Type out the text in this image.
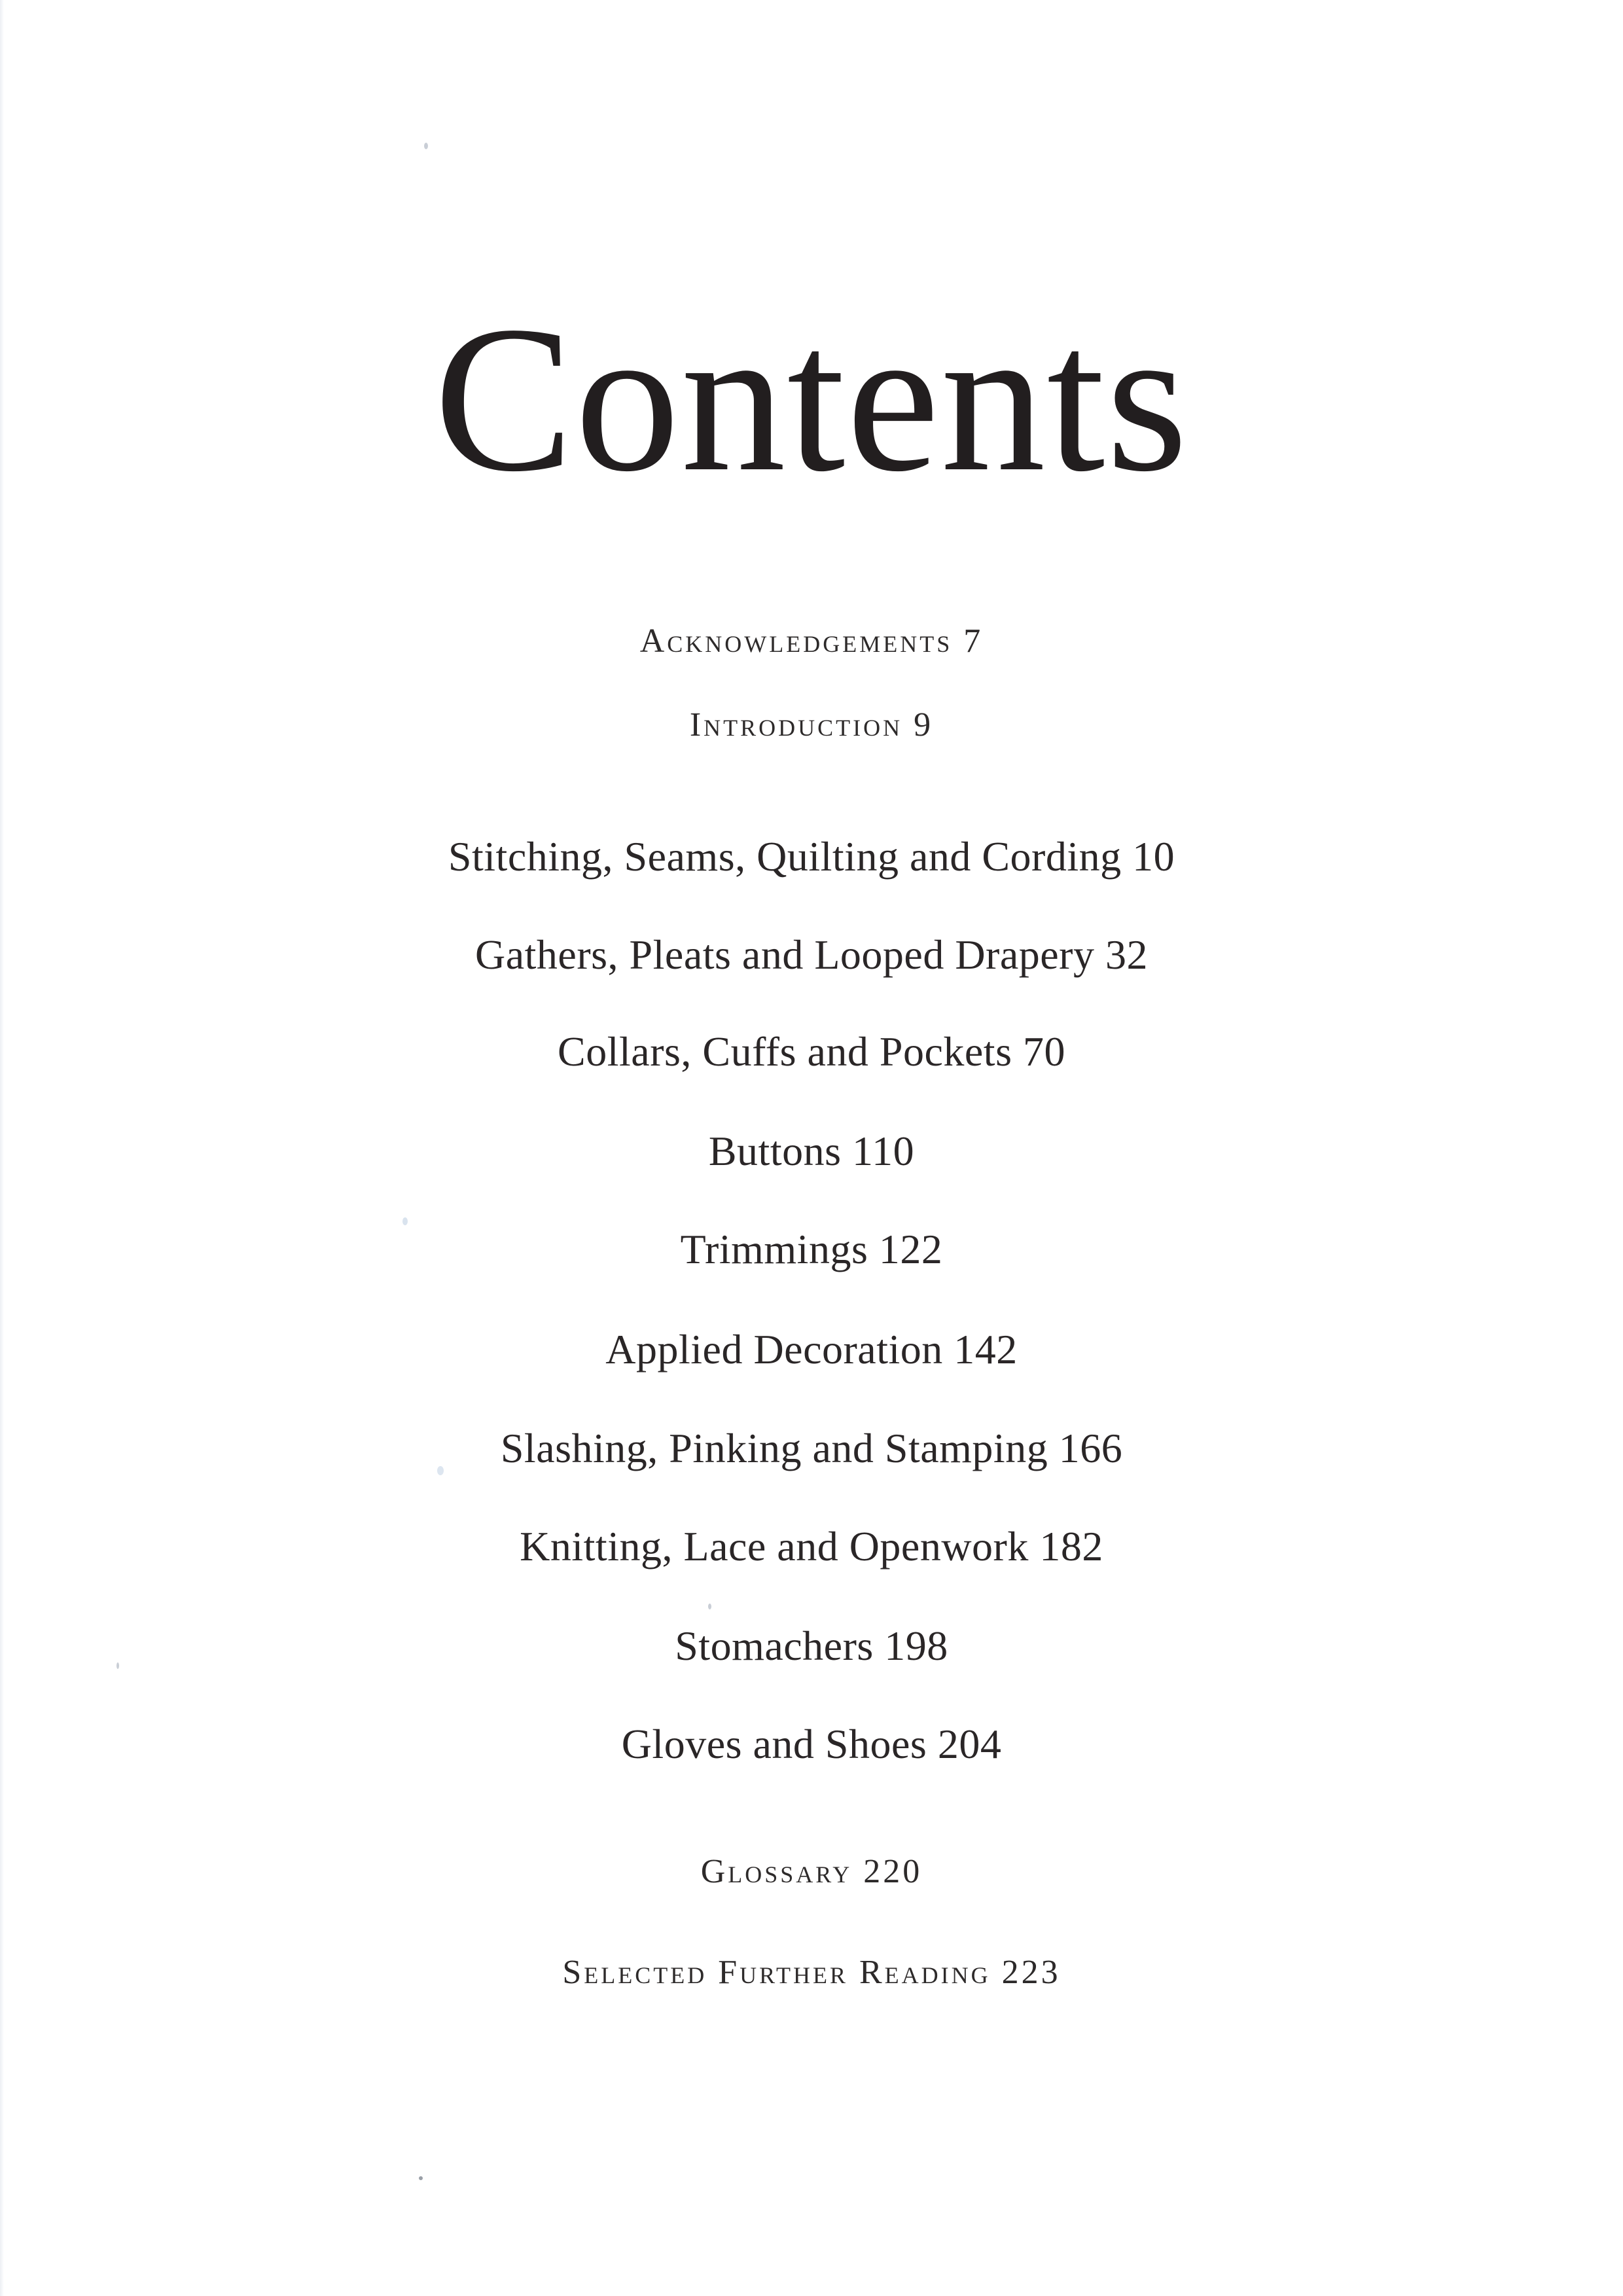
Contents

Acknowledgements 7

Introduction 9

Stitching, Seams, Quilting and Cording 10

Gathers, Pleats and Looped Drapery 32

Collars, Cuffs and Pockets 70

Buttons 110

Trimmings 122

Applied Decoration 142

Slashing, Pinking and Stamping 166

Knitting, Lace and Openwork 182

Stomachers 198

Gloves and Shoes 204

Glossary 220

Selected Further Reading 223
